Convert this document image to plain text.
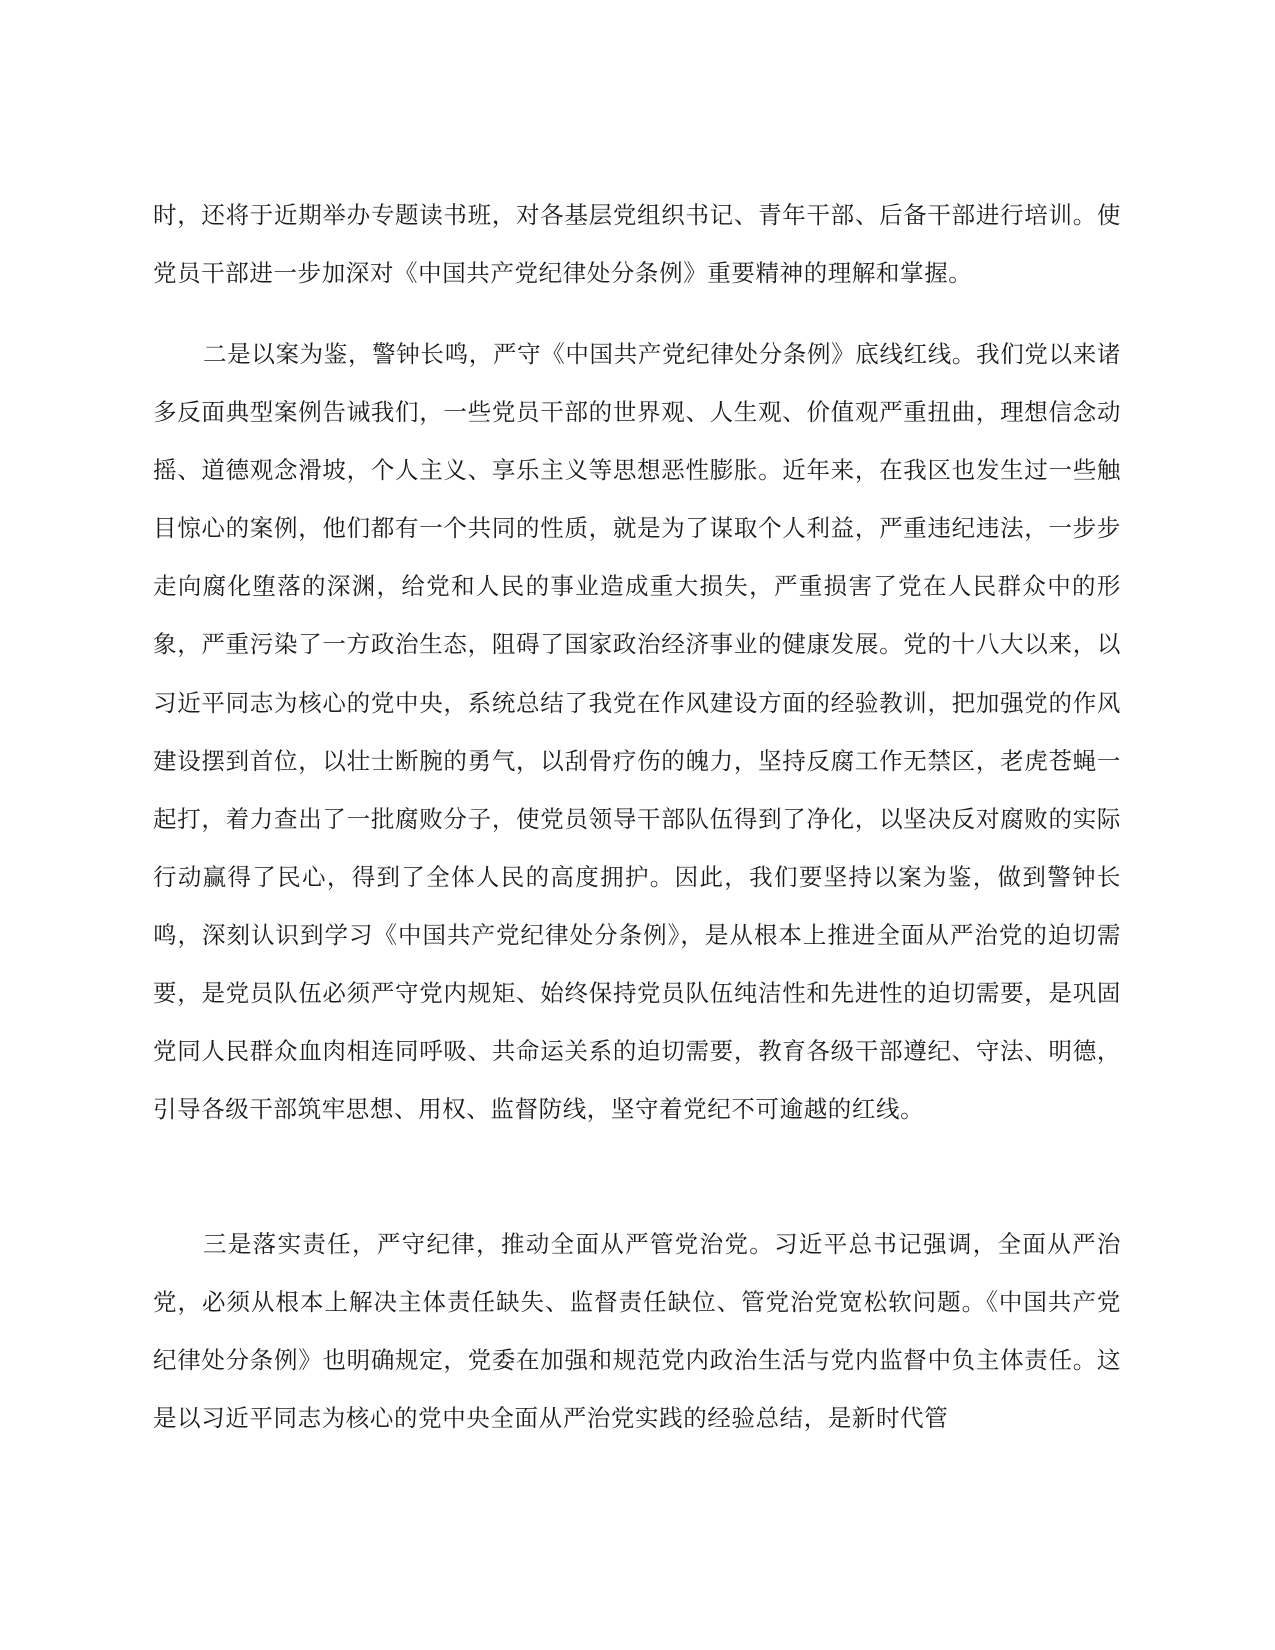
时，还将于近期举办专题读书班，对各基层党组织书记、青年干部、后备干部进行培训。使党员干部进一步加深对《中国共产党纪律处分条例》重要精神的理解和掌握。

二是以案为鉴，警钟长鸣，严守《中国共产党纪律处分条例》底线红线。我们党以来诸多反面典型案例告诫我们，一些党员干部的世界观、人生观、价值观严重扭曲，理想信念动摇、道德观念滑坡，个人主义、享乐主义等思想恶性膨胀。近年来，在我区也发生过一些触目惊心的案例，他们都有一个共同的性质，就是为了谋取个人利益，严重违纪违法，一步步走向腐化堕落的深渊，给党和人民的事业造成重大损失，严重损害了党在人民群众中的形象，严重污染了一方政治生态，阻碍了国家政治经济事业的健康发展。党的十八大以来，以习近平同志为核心的党中央，系统总结了我党在作风建设方面的经验教训，把加强党的作风建设摆到首位，以壮士断腕的勇气，以刮骨疗伤的魄力，坚持反腐工作无禁区，老虎苍蝇一起打，着力查出了一批腐败分子，使党员领导干部队伍得到了净化，以坚决反对腐败的实际行动赢得了民心，得到了全体人民的高度拥护。因此，我们要坚持以案为鉴，做到警钟长鸣，深刻认识到学习《中国共产党纪律处分条例》，是从根本上推进全面从严治党的迫切需要，是党员队伍必须严守党内规矩、始终保持党员队伍纯洁性和先进性的迫切需要，是巩固党同人民群众血肉相连同呼吸、共命运关系的迫切需要，教育各级干部遵纪、守法、明德，引导各级干部筑牢思想、用权、监督防线，坚守着党纪不可逾越的红线。

三是落实责任，严守纪律，推动全面从严管党治党。习近平总书记强调，全面从严治党，必须从根本上解决主体责任缺失、监督责任缺位、管党治党宽松软问题。《中国共产党纪律处分条例》也明确规定，党委在加强和规范党内政治生活与党内监督中负主体责任。这是以习近平同志为核心的党中央全面从严治党实践的经验总结，是新时代管
